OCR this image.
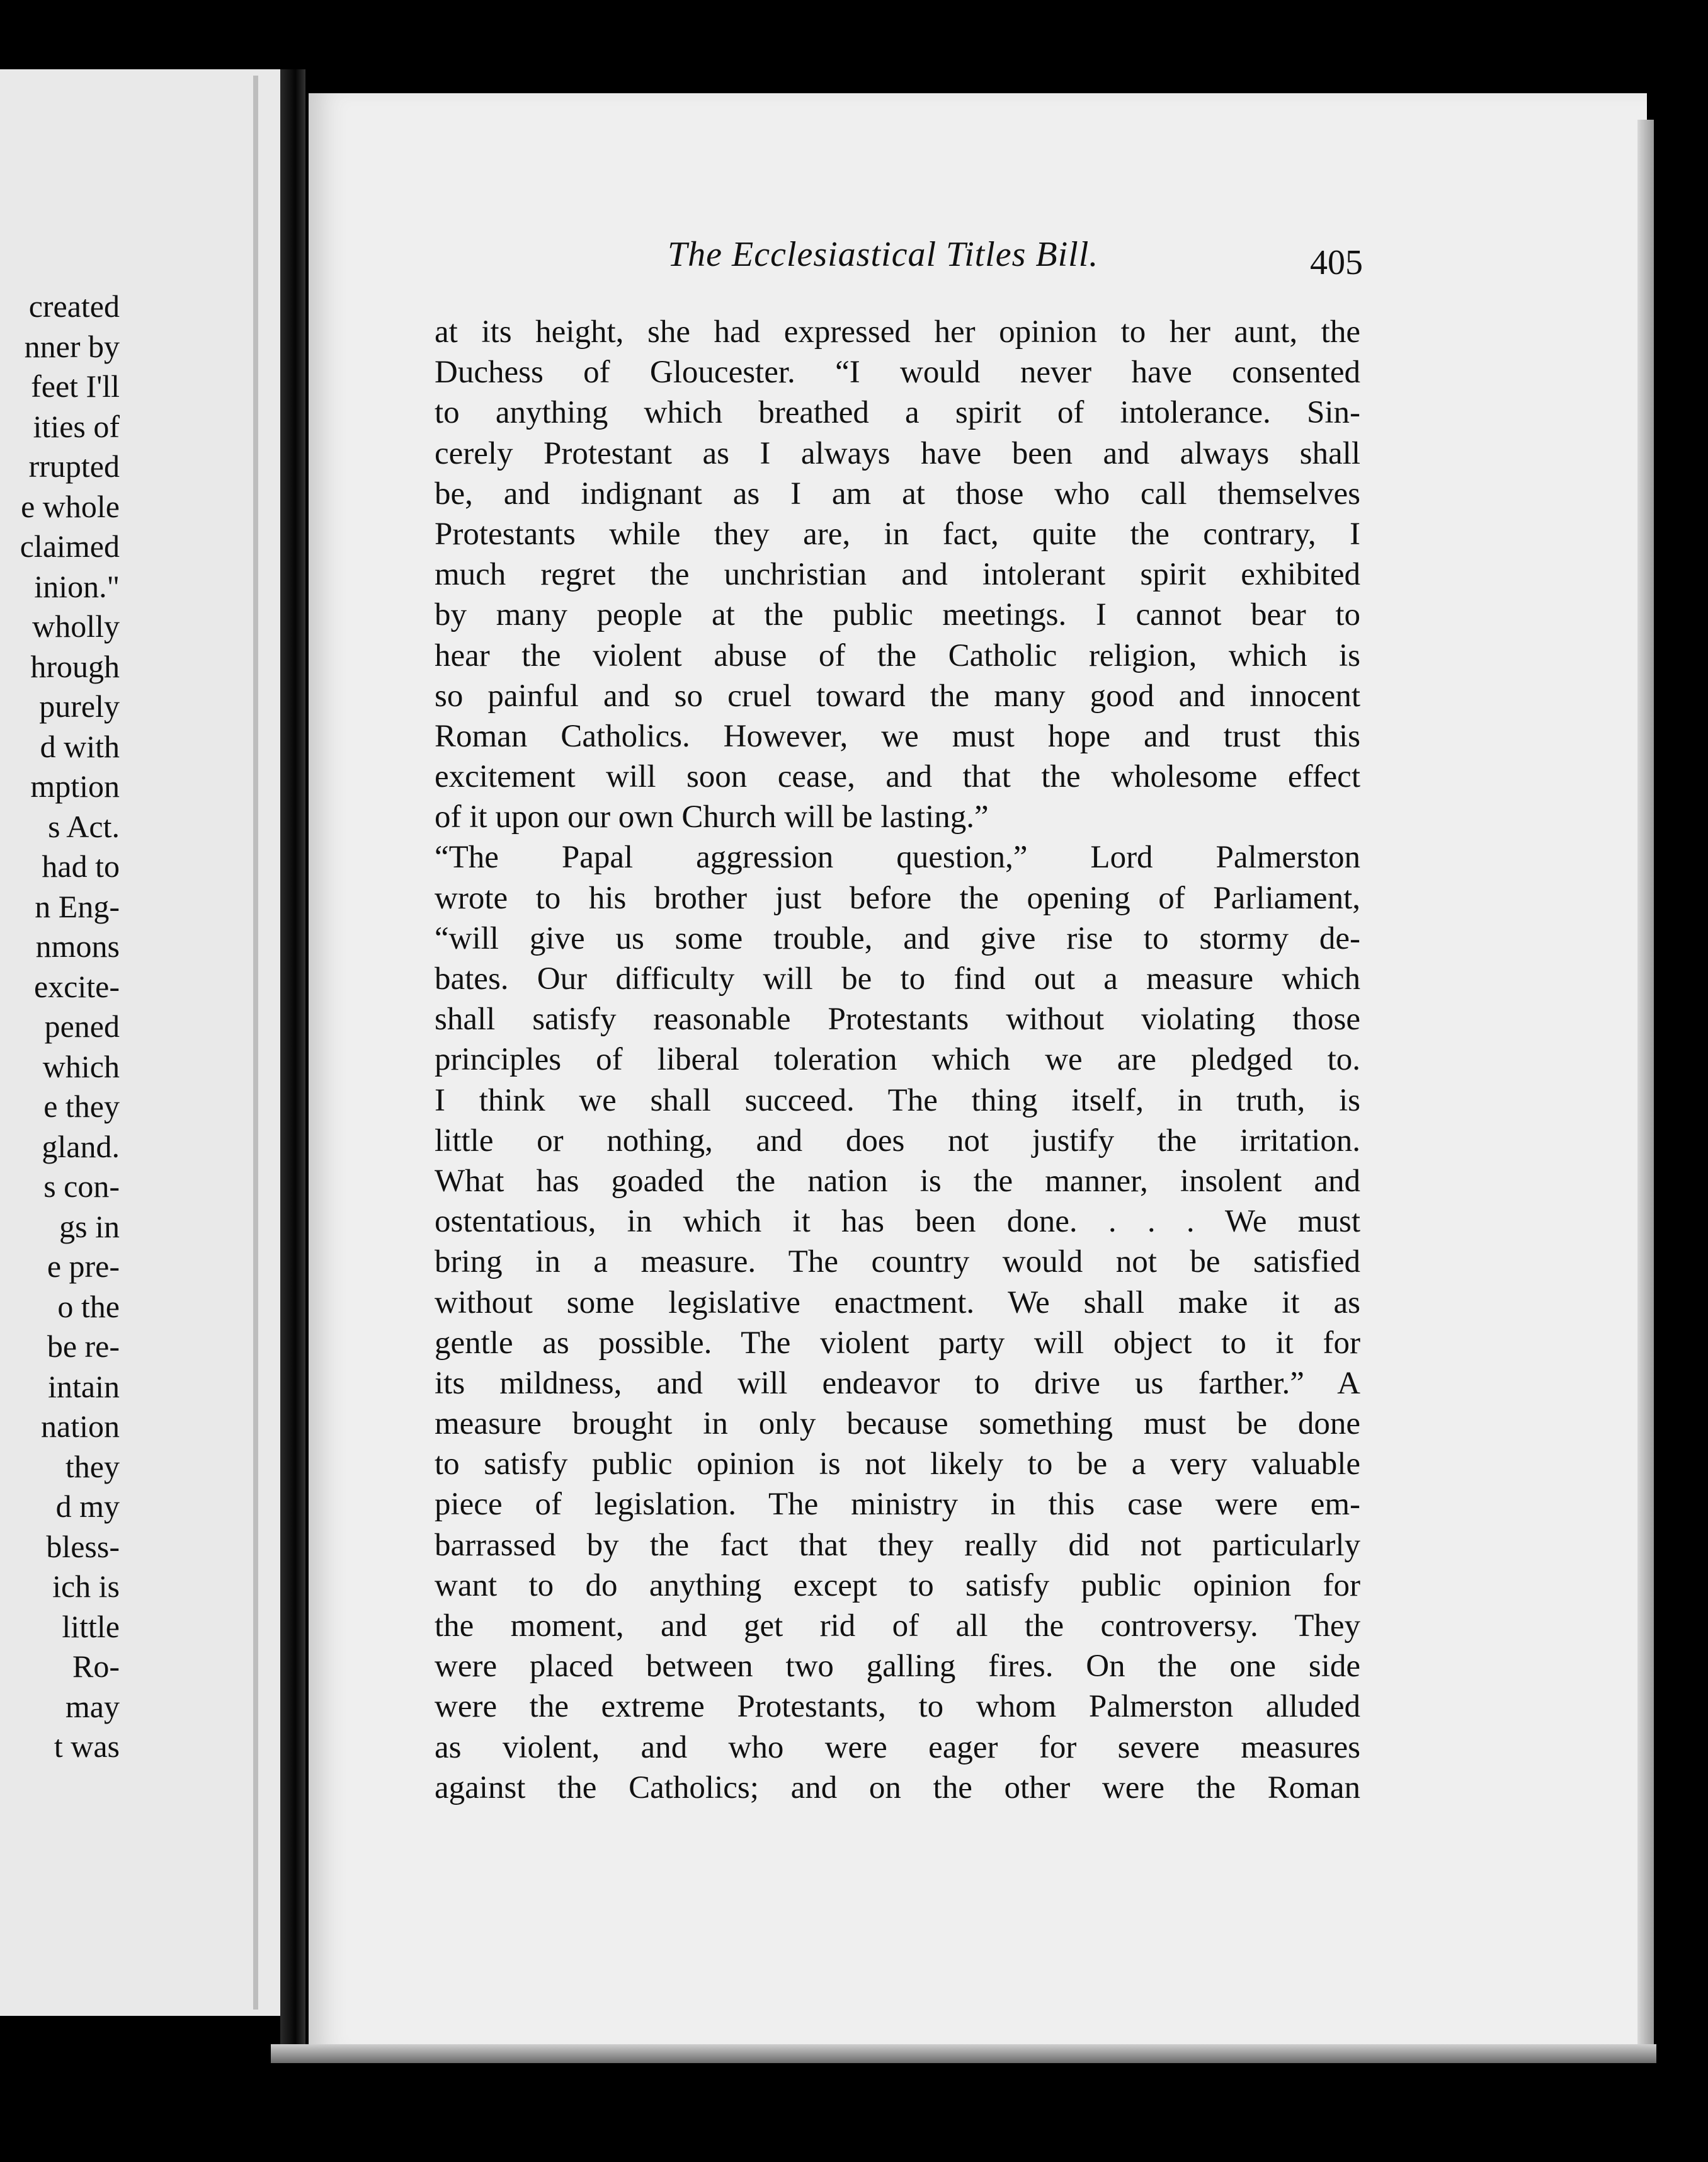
created
nner by
feet I'll
ities of
rrupted
e whole
claimed
inion."
wholly
hrough
purely
d with
mption
s Act.
had to
n Eng-
nmons
excite-
pened
which
e they
gland.
s con-
gs in
e pre-
o the
be re-
intain
nation
they
d my
bless-
ich is
little
Ro-
may
t was
The Ecclesiastical Titles Bill.	405
at its height, she had expressed her opinion to her aunt, the
Duchess of Gloucester. “I would never have consented
to anything which breathed a spirit of intolerance. Sin-
cerely Protestant as I always have been and always shall
be, and indignant as I am at those who call themselves
Protestants while they are, in fact, quite the contrary, I
much regret the unchristian and intolerant spirit exhibited
by many people at the public meetings. I cannot bear to
hear the violent abuse of the Catholic religion, which is
so painful and so cruel toward the many good and innocent
Roman Catholics. However, we must hope and trust this
excitement will soon cease, and that the wholesome effect
of it upon our own Church will be lasting.”
“The Papal aggression question,” Lord Palmerston
wrote to his brother just before the opening of Parliament,
“will give us some trouble, and give rise to stormy de-
bates. Our difficulty will be to find out a measure which
shall satisfy reasonable Protestants without violating those
principles of liberal toleration which we are pledged to.
I think we shall succeed. The thing itself, in truth, is
little or nothing, and does not justify the irritation.
What has goaded the nation is the manner, insolent and
ostentatious, in which it has been done. . . . We must
bring in a measure. The country would not be satisfied
without some legislative enactment. We shall make it as
gentle as possible. The violent party will object to it for
its mildness, and will endeavor to drive us farther.” A
measure brought in only because something must be done
to satisfy public opinion is not likely to be a very valuable
piece of legislation. The ministry in this case were em-
barrassed by the fact that they really did not particularly
want to do anything except to satisfy public opinion for
the moment, and get rid of all the controversy. They
were placed between two galling fires. On the one side
were the extreme Protestants, to whom Palmerston alluded
as violent, and who were eager for severe measures
against the Catholics; and on the other were the Roman
